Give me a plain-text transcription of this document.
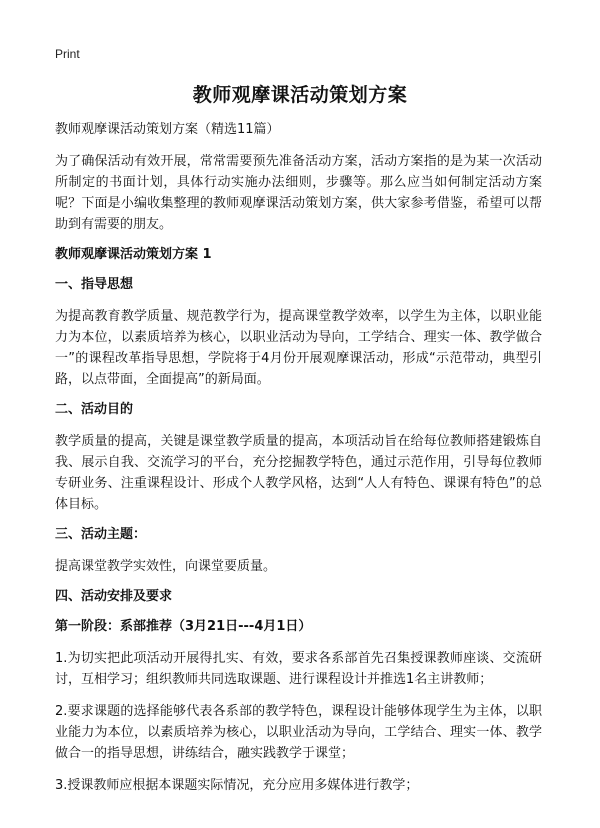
Print
教师观摩课活动策划方案

教师观摩课活动策划方案（精选11篇）

为了确保活动有效开展，常常需要预先准备活动方案，活动方案指的是为某一次活动所制定的书面计划，具体行动实施办法细则，步骤等。那么应当如何制定活动方案呢？下面是小编收集整理的教师观摩课活动策划方案，供大家参考借鉴，希望可以帮助到有需要的朋友。

教师观摩课活动策划方案 1

一、指导思想

为提高教育教学质量、规范教学行为，提高课堂教学效率，以学生为主体，以职业能力为本位，以素质培养为核心，以职业活动为导向，工学结合、理实一体、教学做合一”的课程改革指导思想，学院将于4月份开展观摩课活动，形成“示范带动，典型引路，以点带面，全面提高”的新局面。

二、活动目的

教学质量的提高，关键是课堂教学质量的提高，本项活动旨在给每位教师搭建锻炼自我、展示自我、交流学习的平台，充分挖掘教学特色，通过示范作用，引导每位教师专研业务、注重课程设计、形成个人教学风格，达到“人人有特色、课课有特色”的总体目标。

三、活动主题：

提高课堂教学实效性，向课堂要质量。

四、活动安排及要求

第一阶段：系部推荐（3月21日---4月1日）

1.为切实把此项活动开展得扎实、有效，要求各系部首先召集授课教师座谈、交流研讨，互相学习；组织教师共同选取课题、进行课程设计并推选1名主讲教师；

2.要求课题的选择能够代表各系部的教学特色，课程设计能够体现学生为主体，以职业能力为本位，以素质培养为核心，以职业活动为导向，工学结合、理实一体、教学做合一的指导思想，讲练结合，融实践教学于课堂；

3.授课教师应根据本课题实际情况，充分应用多媒体进行教学；
